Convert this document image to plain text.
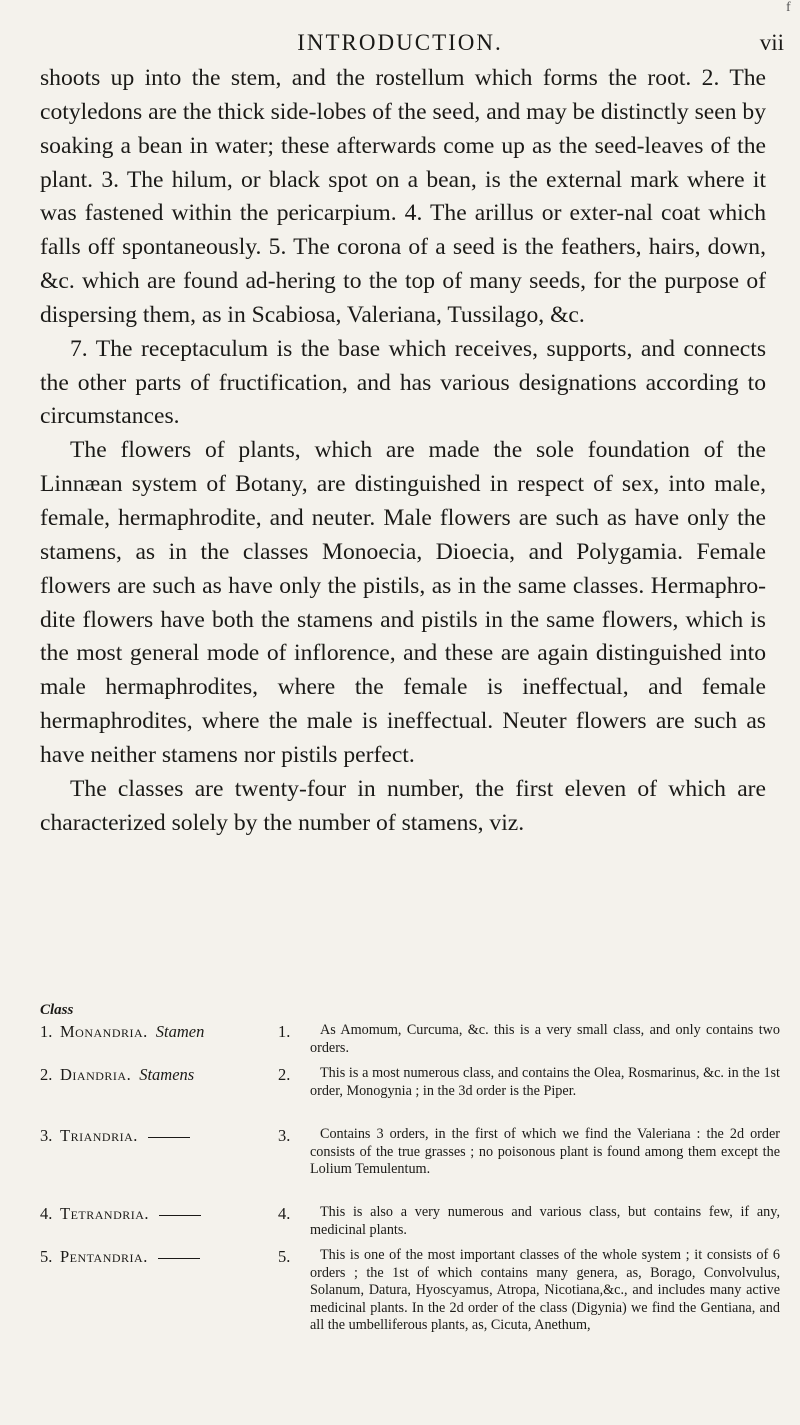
f
INTRODUCTION.	vii

shoots up into the stem, and the rostellum which forms the root. 2. The cotyledons are the thick side-lobes of the seed, and may be distinctly seen by soaking a bean in water; these afterwards come up as the seed-leaves of the plant. 3. The hilum, or black spot on a bean, is the external mark where it was fastened within the pericarpium. 4. The arillus or exter-nal coat which falls off spontaneously. 5. The corona of a seed is the feathers, hairs, down, &c. which are found ad-hering to the top of many seeds, for the purpose of dispersing them, as in Scabiosa, Valeriana, Tussilago, &c.

7. The receptaculum is the base which receives, supports, and connects the other parts of fructification, and has various designations according to circumstances.

The flowers of plants, which are made the sole foundation of the Linnæan system of Botany, are distinguished in respect of sex, into male, female, hermaphrodite, and neuter. Male flowers are such as have only the stamens, as in the classes Monoecia, Dioecia, and Polygamia. Female flowers are such as have only the pistils, as in the same classes. Hermaphro-dite flowers have both the stamens and pistils in the same flowers, which is the most general mode of inflorence, and these are again distinguished into male hermaphrodites, where the female is ineffectual, and female hermaphrodites, where the male is ineffectual. Neuter flowers are such as have neither stamens nor pistils perfect.

The classes are twenty-four in number, the first eleven of which are characterized solely by the number of stamens, viz.

Class
1. Monandria. Stamen	1.	As Amomum, Curcuma, &c. this is a very small class, and only contains two orders.
2. Diandria. Stamens	2.	This is a most numerous class, and contains the Olea, Rosmarinus, &c. in the 1st order, Monogynia ; in the 3d order is the Piper.
3. Triandria.	3.	Contains 3 orders, in the first of which we find the Valeriana : the 2d order consists of the true grasses ; no poisonous plant is found among them except the Lolium Temulentum.
4. Tetrandria.	4.	This is also a very numerous and various class, but contains few, if any, medicinal plants.
5. Pentandria.	5.	This is one of the most important classes of the whole system ; it consists of 6 orders ; the 1st of which contains many genera, as, Borago, Convolvulus, Solanum, Datura, Hyoscyamus, Atropa, Nicotiana,&c., and includes many active medicinal plants. In the 2d order of the class (Digynia) we find the Gentiana, and all the umbelliferous plants, as, Cicuta, Anethum,
